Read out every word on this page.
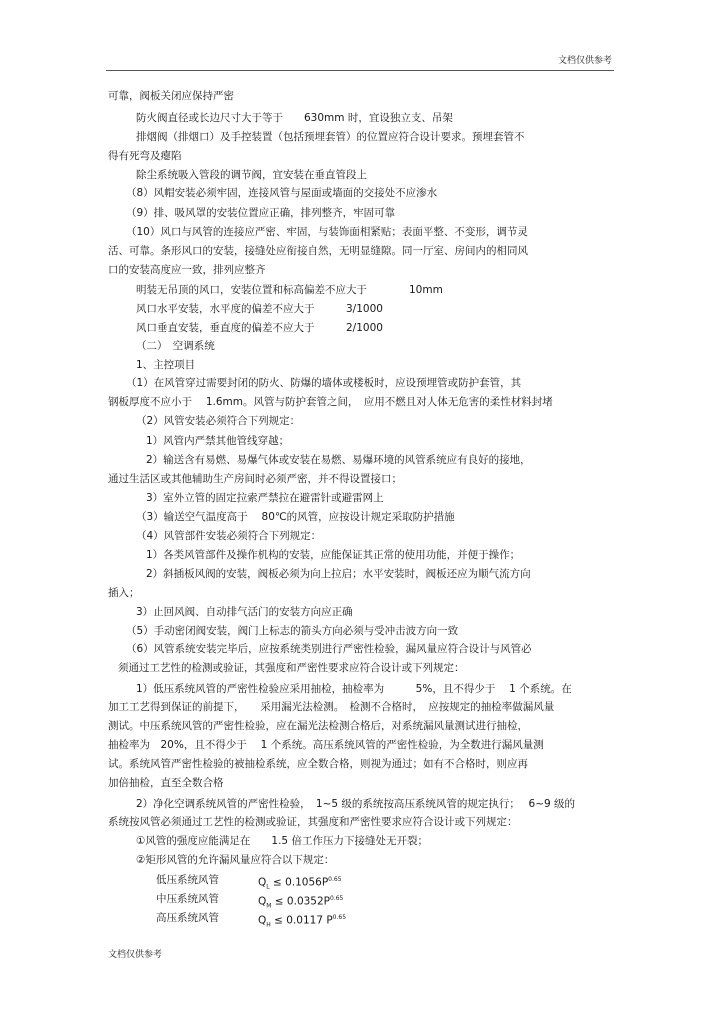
文档仅供参考
可靠，阀板关闭应保持严密
防火阀直径或长边尺寸大于等于　　630mm 时，宜设独立支、吊架
排烟阀（排烟口）及手控装置（包括预埋套管）的位置应符合设计要求。预埋套管不
得有死弯及瘪陷
除尘系统吸入管段的调节阀，宜安装在垂直管段上
（8）风帽安装必须牢固，连接风管与屋面或墙面的交接处不应渗水
（9）排、吸风罩的安装位置应正确，排列整齐，牢固可靠
（10）风口与风管的连接应严密、牢固，与装饰面相紧贴；表面平整、不变形，调节灵
活、可靠。条形风口的安装，接缝处应衔接自然，无明显缝隙。同一厅室、房间内的相同风
口的安装高度应一致，排列应整齐
明装无吊顶的风口，安装位置和标高偏差不应大于　　　　10mm
风口水平安装，水平度的偏差不应大于　　　3/1000
风口垂直安装，垂直度的偏差不应大于　　　2/1000
（二）　空调系统
1、主控项目
（1）在风管穿过需要封闭的防火、防爆的墙体或楼板时，应设预埋管或防护套管，其
钢板厚度不应小于　 1.6mm。风管与防护套管之间，　应用不燃且对人体无危害的柔性材料封堵
（2）风管安装必须符合下列规定：
1）风管内严禁其他管线穿越；
2）输送含有易燃、易爆气体或安装在易燃、易爆环境的风管系统应有良好的接地，
通过生活区或其他辅助生产房间时必须严密，并不得设置接口；
3）室外立管的固定拉索严禁拉在避雷针或避雷网上
（3）输送空气温度高于　 80℃的风管，应按设计规定采取防护措施
（4）风管部件安装必须符合下列规定：
1）各类风管部件及操作机构的安装，应能保证其正常的使用功能，并便于操作；
2）斜插板风阀的安装，阀板必须为向上拉启；水平安装时，阀板还应为顺气流方向
插入；
3）止回风阀、自动排气活门的安装方向应正确
（5）手动密闭阀安装，阀门上标志的箭头方向必须与受冲击波方向一致
（6）风管系统安装完毕后，应按系统类别进行严密性检验，漏风量应符合设计与风管必
须通过工艺性的检测或验证，其强度和严密性要求应符合设计或下列规定：
1）低压系统风管的严密性检验应采用抽检，抽检率为　　　5%，且不得少于　 1 个系统。在
加工工艺得到保证的前提下，　　采用漏光法检测。　检测不合格时，　应按规定的抽检率做漏风量
测试。中压系统风管的严密性检验，应在漏光法检测合格后，对系统漏风量测试进行抽检，
抽检率为　20%，且不得少于　 1 个系统。高压系统风管的严密性检验，为全数进行漏风量测
试。系统风管严密性检验的被抽检系统，应全数合格，则视为通过；如有不合格时，则应再
加倍抽检，直至全数合格
2）净化空调系统风管的严密性检验，　1~5 级的系统按高压系统风管的规定执行；　 6~9 级的
系统按风管必须通过工艺性的检测或验证，其强度和严密性要求应符合设计或下列规定：
①风管的强度应能满足在　　1.5 倍工作压力下接缝处无开裂；
②矩形风管的允许漏风量应符合以下规定：
低压系统风管	$Q_L \le 0.1056P^{0.65}$
中压系统风管	$Q_M \le 0.0352P^{0.65}$
高压系统风管	$Q_H \le 0.0117$ $P^{0.65}$
文档仅供参考
